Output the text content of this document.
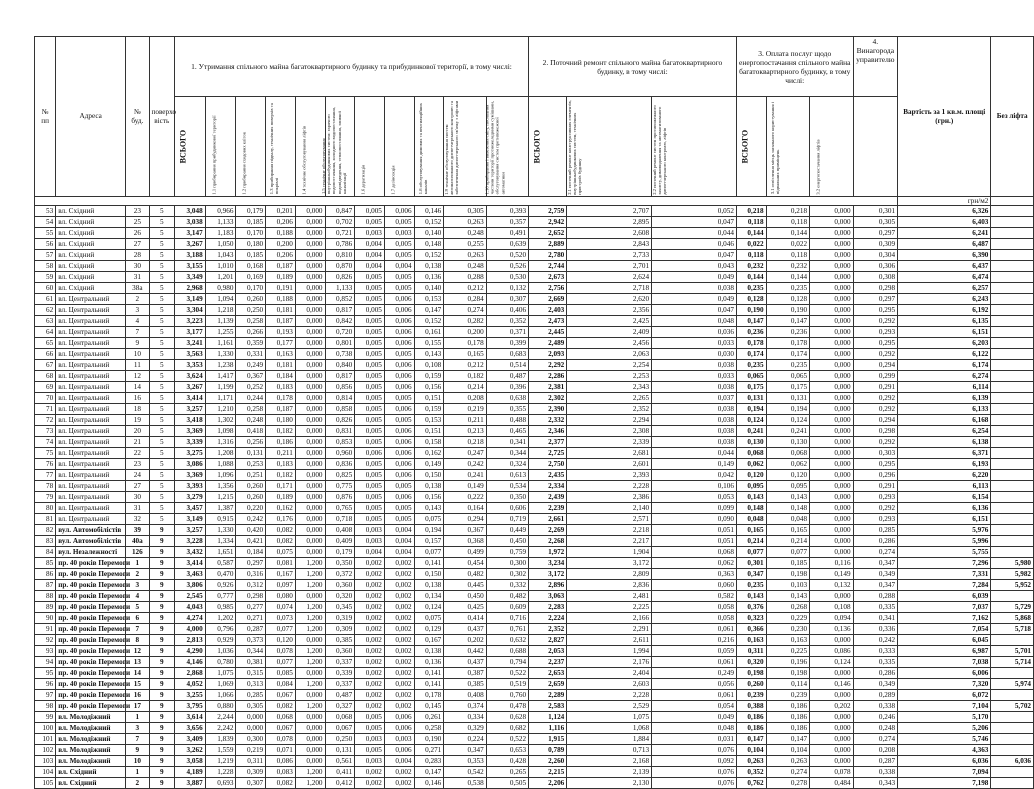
№ пп	Адреса	№ буд.	поверхо вість	1. Утримання спільного майна багатоквартирного будинку та прибудинкової території, в тому числі:											2. Поточний ремонт спільного майна багатоквартирного будинку, в тому числі:			3. Оплата послуг щодо енергопостачання спільного майна багатоквартирного будинку, в тому числі:			4. Винагорода управителю	Вартість за 1 кв.м. площі (грн.)	Без ліфта

				ВСЬОГО	1.1 прибирання прибудинкової території	1.2 прибирання сходових кліток	1.3 прибирання підвалу, технічних поверхів та покрівлі	1.4 технічне обслуговування ліфтів	1.5 технічне обслуговування внутрішньобудинкових систем: гарячого водопостачання, холодного водопостачання, водовідведення, теплопостачання, зливної каналізації	1.6 дератизація	1.7 дезінсекція	1.8 обслуговування димових та вентиляційних каналів	1.9 технічне обслуговування систем автоматизованого диспетчерського контролю та забезпечення диспетчерського зв'язку з ліфтами	1.10 прибирання і вивезення снігу, посипання частини території протиожеледними сумішами, обслуговування систем протипожежної автоматики	ВСЬОГО	2.1 поточний ремонт конструктивних елементів, внутрішньобудинкових систем, технічних пристроїв будинку	2.2 поточний ремонт систем протипожежного захисту, димовидалення та автоматизованого диспетчерського контролю, ліфтів	ВСЬОГО	3.1 освітлення місць загального користування і підвальних приміщень	3.2 енергопостачання ліфтів			

																						грн/м2	
53	вл. Східний	23	5	3,048	0,966	0,179	0,201	0,000	0,847	0,005	0,006	0,146	0,305	0,393	2,759	2,707	0,052	0,218	0,218	0,000	0,301	6,326	
54	вл. Східний	25	5	3,038	1,133	0,185	0,206	0,000	0,702	0,005	0,005	0,152	0,263	0,357	2,942	2,895	0,047	0,118	0,118	0,000	0,305	6,403	
55	вл. Східний	26	5	3,147	1,183	0,170	0,188	0,000	0,721	0,003	0,003	0,140	0,248	0,491	2,652	2,608	0,044	0,144	0,144	0,000	0,297	6,241	
56	вл. Східний	27	5	3,267	1,050	0,180	0,200	0,000	0,786	0,004	0,005	0,148	0,255	0,639	2,889	2,843	0,046	0,022	0,022	0,000	0,309	6,487	
57	вл. Східний	28	5	3,188	1,043	0,185	0,206	0,000	0,810	0,004	0,005	0,152	0,263	0,520	2,780	2,733	0,047	0,118	0,118	0,000	0,304	6,390	
58	вл. Східний	30	5	3,155	1,010	0,168	0,187	0,000	0,870	0,004	0,004	0,138	0,248	0,526	2,744	2,701	0,043	0,232	0,232	0,000	0,306	6,437	
59	вл. Східний	31	5	3,349	1,201	0,169	0,189	0,000	0,826	0,005	0,005	0,136	0,288	0,530	2,673	2,624	0,049	0,144	0,144	0,000	0,308	6,474	
60	вл. Східний	38а	5	2,968	0,980	0,170	0,191	0,000	1,133	0,005	0,005	0,140	0,212	0,132	2,756	2,718	0,038	0,235	0,235	0,000	0,298	6,257	
61	вл. Центральний	2	5	3,149	1,094	0,260	0,188	0,000	0,852	0,005	0,006	0,153	0,284	0,307	2,669	2,620	0,049	0,128	0,128	0,000	0,297	6,243	
62	вл. Центральний	3	5	3,304	1,218	0,250	0,181	0,000	0,817	0,005	0,006	0,147	0,274	0,406	2,403	2,356	0,047	0,190	0,190	0,000	0,295	6,192	
63	вл. Центральний	4	5	3,223	1,139	0,258	0,187	0,000	0,842	0,005	0,006	0,152	0,282	0,352	2,473	2,425	0,048	0,147	0,147	0,000	0,292	6,135	
64	вл. Центральний	7	5	3,177	1,255	0,266	0,193	0,000	0,720	0,005	0,006	0,161	0,200	0,371	2,445	2,409	0,036	0,236	0,236	0,000	0,293	6,151	
65	вл. Центральний	9	5	3,241	1,161	0,359	0,177	0,000	0,801	0,005	0,006	0,155	0,178	0,399	2,489	2,456	0,033	0,178	0,178	0,000	0,295	6,203	
66	вл. Центральний	10	5	3,563	1,330	0,331	0,163	0,000	0,738	0,005	0,005	0,143	0,165	0,683	2,093	2,063	0,030	0,174	0,174	0,000	0,292	6,122	
67	вл. Центральний	11	5	3,353	1,238	0,249	0,181	0,000	0,840	0,005	0,006	0,108	0,212	0,514	2,292	2,254	0,038	0,235	0,235	0,000	0,294	6,174	
68	вл. Центральний	12	5	3,624	1,417	0,367	0,184	0,000	0,817	0,005	0,006	0,159	0,182	0,487	2,286	2,253	0,033	0,065	0,065	0,000	0,299	6,274	
69	вл. Центральний	14	5	3,267	1,199	0,252	0,183	0,000	0,856	0,005	0,006	0,156	0,214	0,396	2,381	2,343	0,038	0,175	0,175	0,000	0,291	6,114	
70	вл. Центральний	16	5	3,414	1,171	0,244	0,178	0,000	0,814	0,005	0,005	0,151	0,208	0,638	2,302	2,265	0,037	0,131	0,131	0,000	0,292	6,139	
71	вл. Центральний	18	5	3,257	1,210	0,258	0,187	0,000	0,858	0,005	0,006	0,159	0,219	0,355	2,390	2,352	0,038	0,194	0,194	0,000	0,292	6,133	
72	вл. Центральний	19	5	3,418	1,302	0,248	0,180	0,000	0,826	0,005	0,005	0,153	0,211	0,488	2,332	2,294	0,038	0,124	0,124	0,000	0,294	6,168	
73	вл. Центральний	20	5	3,369	1,098	0,418	0,182	0,000	0,831	0,005	0,006	0,151	0,213	0,465	2,346	2,308	0,038	0,241	0,241	0,000	0,298	6,254	
74	вл. Центральний	21	5	3,339	1,316	0,256	0,186	0,000	0,853	0,005	0,006	0,158	0,218	0,341	2,377	2,339	0,038	0,130	0,130	0,000	0,292	6,138	
75	вл. Центральний	22	5	3,275	1,208	0,131	0,211	0,000	0,960	0,006	0,006	0,162	0,247	0,344	2,725	2,681	0,044	0,068	0,068	0,000	0,303	6,371	
76	вл. Центральний	23	5	3,086	1,088	0,253	0,183	0,000	0,836	0,005	0,006	0,149	0,242	0,324	2,750	2,601	0,149	0,062	0,062	0,000	0,295	6,193	
77	вл. Центральний	24	5	3,369	1,096	0,251	0,182	0,000	0,825	0,005	0,006	0,150	0,241	0,613	2,435	2,393	0,042	0,120	0,120	0,000	0,296	6,220	
78	вл. Центральний	27	5	3,393	1,356	0,260	0,171	0,000	0,775	0,005	0,005	0,138	0,149	0,534	2,334	2,228	0,106	0,095	0,095	0,000	0,291	6,113	
79	вл. Центральний	30	5	3,279	1,215	0,260	0,189	0,000	0,876	0,005	0,006	0,156	0,222	0,350	2,439	2,386	0,053	0,143	0,143	0,000	0,293	6,154	
80	вл. Центральний	31	5	3,457	1,387	0,220	0,162	0,000	0,765	0,005	0,005	0,143	0,164	0,606	2,239	2,140	0,099	0,148	0,148	0,000	0,292	6,136	
81	вл. Центральний	32	5	3,149	0,915	0,242	0,176	0,000	0,718	0,005	0,005	0,075	0,294	0,719	2,661	2,571	0,090	0,048	0,048	0,000	0,293	6,151	
82	вул. Автомобілістів	39	9	3,257	1,330	0,420	0,082	0,000	0,408	0,003	0,004	0,194	0,367	0,449	2,269	2,218	0,051	0,165	0,165	0,000	0,285	5,976	
83	вул. Автомобілістів	40а	9	3,228	1,334	0,421	0,082	0,000	0,409	0,003	0,004	0,157	0,368	0,450	2,268	2,217	0,051	0,214	0,214	0,000	0,286	5,996	
84	вул. Незалежності	126	9	3,432	1,651	0,184	0,075	0,000	0,179	0,004	0,004	0,077	0,499	0,759	1,972	1,904	0,068	0,077	0,077	0,000	0,274	5,755	
85	пр. 40 років Перемоги	1	9	3,414	0,587	0,297	0,081	1,200	0,350	0,002	0,002	0,141	0,454	0,300	3,234	3,172	0,062	0,301	0,185	0,116	0,347	7,296	5,980
86	пр. 40 років Перемоги	2	9	3,463	0,470	0,316	0,167	1,200	0,372	0,002	0,002	0,150	0,482	0,302	3,172	2,809	0,363	0,347	0,198	0,149	0,349	7,331	5,982
87	пр. 40 років Перемоги	3	9	3,806	0,926	0,312	0,097	1,200	0,360	0,002	0,002	0,138	0,445	0,332	2,896	2,836	0,060	0,235	0,103	0,132	0,347	7,284	5,952
88	пр. 40 років Перемоги	4	9	2,545	0,777	0,298	0,080	0,000	0,320	0,002	0,002	0,134	0,450	0,482	3,063	2,481	0,582	0,143	0,143	0,000	0,288	6,039	
89	пр. 40 років Перемоги	5	9	4,043	0,985	0,277	0,074	1,200	0,345	0,002	0,002	0,124	0,425	0,609	2,283	2,225	0,058	0,376	0,268	0,108	0,335	7,037	5,729
90	пр. 40 років Перемоги	6	9	4,274	1,202	0,271	0,073	1,200	0,319	0,002	0,002	0,075	0,414	0,716	2,224	2,166	0,058	0,323	0,229	0,094	0,341	7,162	5,868
91	пр. 40 років Перемоги	7	9	4,000	0,796	0,287	0,077	1,200	0,309	0,002	0,002	0,129	0,437	0,761	2,352	2,291	0,061	0,366	0,230	0,136	0,336	7,054	5,718
92	пр. 40 років Перемоги	8	9	2,813	0,929	0,373	0,120	0,000	0,385	0,002	0,002	0,167	0,202	0,632	2,827	2,611	0,216	0,163	0,163	0,000	0,242	6,045	
93	пр. 40 років Перемоги	12	9	4,290	1,036	0,344	0,078	1,200	0,360	0,002	0,002	0,138	0,442	0,688	2,053	1,994	0,059	0,311	0,225	0,086	0,333	6,987	5,701
94	пр. 40 років Перемоги	13	9	4,146	0,780	0,381	0,077	1,200	0,337	0,002	0,002	0,136	0,437	0,794	2,237	2,176	0,061	0,320	0,196	0,124	0,335	7,038	5,714
95	пр. 40 років Перемоги	14	9	2,868	1,075	0,315	0,085	0,000	0,339	0,002	0,002	0,141	0,387	0,522	2,653	2,404	0,249	0,198	0,198	0,000	0,286	6,006	
96	пр. 40 років Перемоги	15	9	4,052	1,069	0,313	0,084	1,200	0,337	0,002	0,002	0,141	0,385	0,519	2,659	2,603	0,056	0,260	0,114	0,146	0,349	7,320	5,974
97	пр. 40 років Перемоги	16	9	3,255	1,066	0,285	0,067	0,000	0,487	0,002	0,002	0,178	0,408	0,760	2,289	2,228	0,061	0,239	0,239	0,000	0,289	6,072	
98	пр. 40 років Перемоги	17	9	3,795	0,880	0,305	0,082	1,200	0,327	0,002	0,002	0,145	0,374	0,478	2,583	2,529	0,054	0,388	0,186	0,202	0,338	7,104	5,702
99	вл. Молодіжний	1	9	3,614	2,244	0,000	0,068	0,000	0,068	0,005	0,006	0,261	0,334	0,628	1,124	1,075	0,049	0,186	0,186	0,000	0,246	5,170	
100	вл. Молодіжний	3	9	3,656	2,242	0,000	0,067	0,000	0,067	0,005	0,006	0,258	0,329	0,682	1,116	1,068	0,048	0,186	0,186	0,000	0,248	5,206	
101	вл. Молодіжний	7	9	3,409	1,839	0,300	0,078	0,000	0,250	0,003	0,003	0,190	0,224	0,522	1,915	1,884	0,031	0,147	0,147	0,000	0,274	5,746	
102	вл. Молодіжний	9	9	3,262	1,559	0,219	0,071	0,000	0,131	0,005	0,006	0,271	0,347	0,653	0,789	0,713	0,076	0,104	0,104	0,000	0,208	4,363	
103	вл. Молодіжний	10	9	3,058	1,219	0,311	0,086	0,000	0,561	0,003	0,004	0,283	0,353	0,428	2,260	2,168	0,092	0,263	0,263	0,000	0,287	6,036	6,036
104	вл. Східний	1	9	4,189	1,228	0,309	0,083	1,200	0,411	0,002	0,002	0,147	0,542	0,265	2,215	2,139	0,076	0,352	0,274	0,078	0,338	7,094	
105	вл. Східний	2	9	3,887	0,693	0,307	0,082	1,200	0,412	0,002	0,002	0,146	0,538	0,505	2,206	2,130	0,076	0,762	0,278	0,484	0,343	7,198	
